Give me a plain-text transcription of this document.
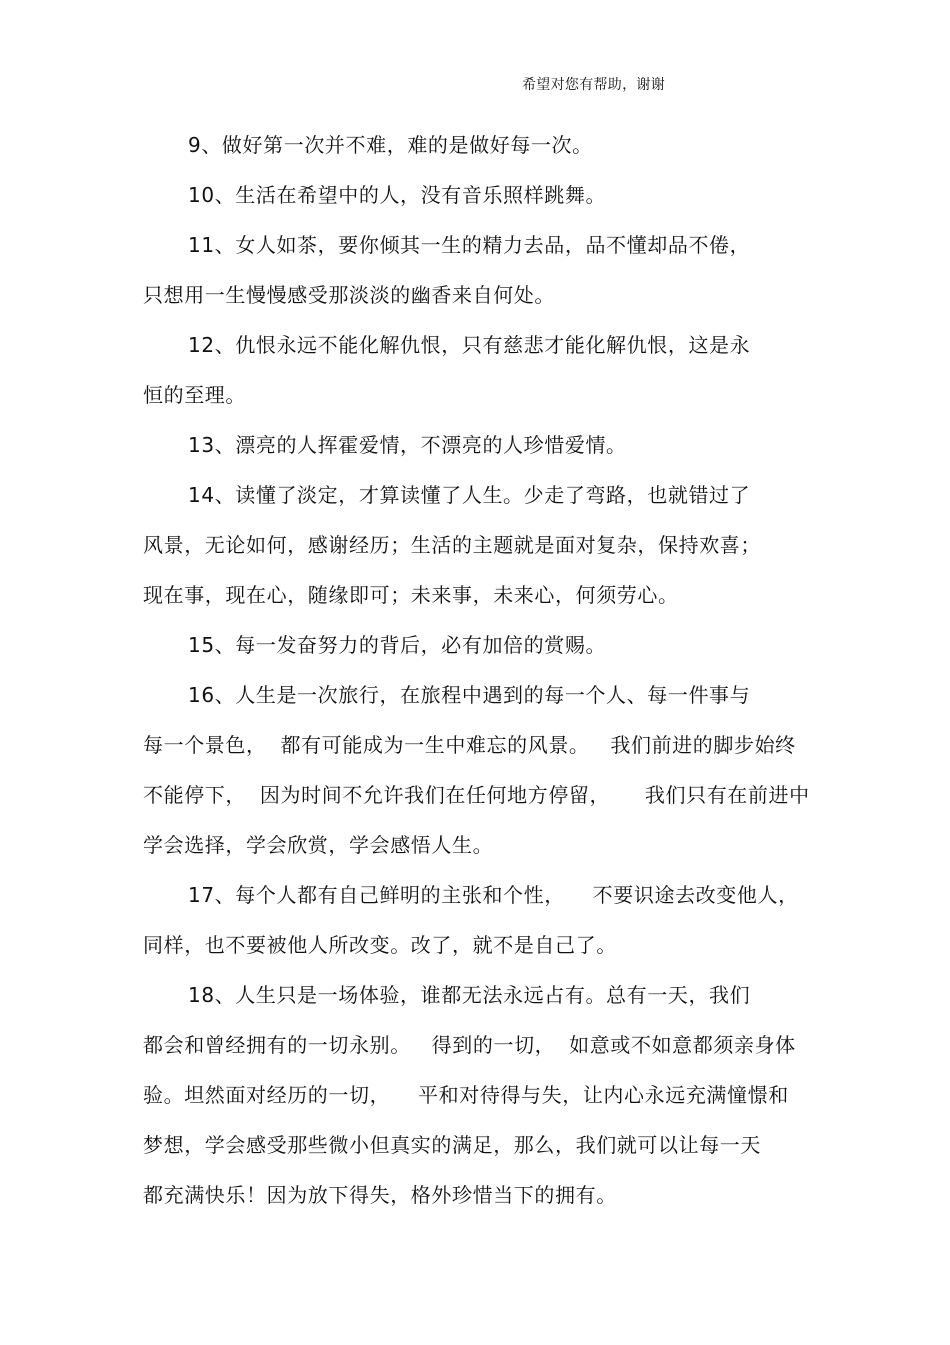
希望对您有帮助，谢谢
9、做好第一次并不难，难的是做好每一次。
10、生活在希望中的人，没有音乐照样跳舞。
11、女人如茶，要你倾其一生的精力去品，品不懂却品不倦，
只想用一生慢慢感受那淡淡的幽香来自何处。
12、仇恨永远不能化解仇恨，只有慈悲才能化解仇恨，这是永
恒的至理。
13、漂亮的人挥霍爱情，不漂亮的人珍惜爱情。
14、读懂了淡定，才算读懂了人生。少走了弯路，也就错过了
风景，无论如何，感谢经历；生活的主题就是面对复杂，保持欢喜；
现在事，现在心，随缘即可；未来事，未来心，何须劳心。
15、每一发奋努力的背后，必有加倍的赏赐。
16、人生是一次旅行，在旅程中遇到的每一个人、每一件事与
每一个景色，  都有可能成为一生中难忘的风景。   我们前进的脚步始终
不能停下，  因为时间不允许我们在任何地方停留，     我们只有在前进中
学会选择，学会欣赏，学会感悟人生。
17、每个人都有自己鲜明的主张和个性，    不要识途去改变他人，
同样，也不要被他人所改变。改了，就不是自己了。
18、人生只是一场体验，谁都无法永远占有。总有一天，我们
都会和曾经拥有的一切永别。   得到的一切，  如意或不如意都须亲身体
验。坦然面对经历的一切，    平和对待得与失，让内心永远充满憧憬和
梦想，学会感受那些微小但真实的满足，那么，我们就可以让每一天
都充满快乐！因为放下得失，格外珍惜当下的拥有。
